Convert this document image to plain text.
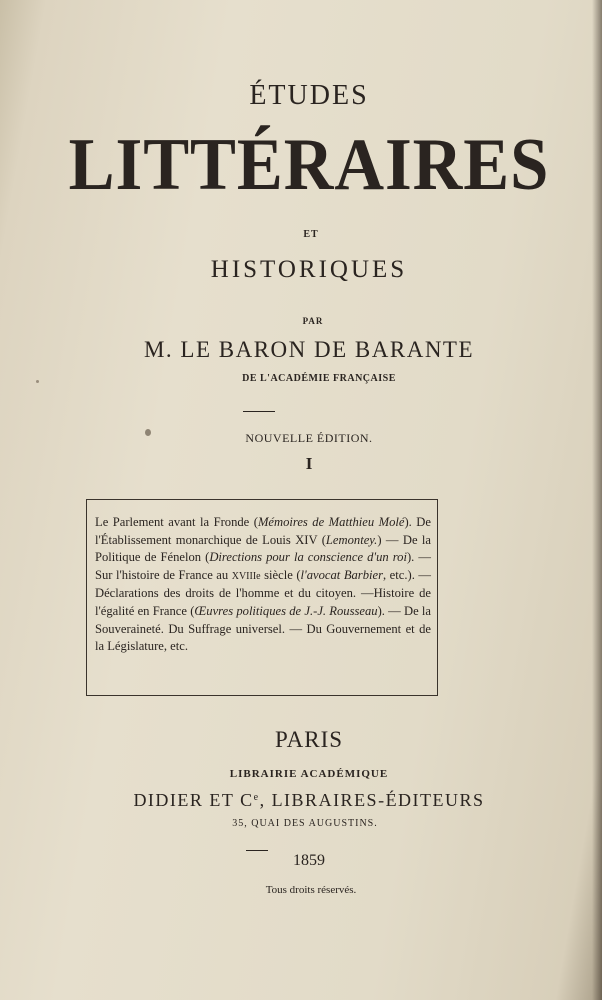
ÉTUDES
LITTÉRAIRES
ET
HISTORIQUES
PAR
M. LE BARON DE BARANTE
DE L'ACADÉMIE FRANÇAISE
NOUVELLE ÉDITION.
I
Le Parlement avant la Fronde (Mémoires de Matthieu Molé). De l'Établissement monarchique de Louis XIV (Lemontey.) — De la Politique de Fénelon (Directions pour la conscience d'un roi). — Sur l'histoire de France au XVIIIe siècle (l'avocat Barbier, etc.). —Déclarations des droits de l'homme et du citoyen. —Histoire de l'égalité en France (Œuvres politiques de J.-J. Rousseau). — De la Souveraineté. Du Suffrage universel. — Du Gouvernement et de la Législature, etc.
PARIS
LIBRAIRIE ACADÉMIQUE
DIDIER ET Ce, LIBRAIRES-ÉDITEURS
35, QUAI DES AUGUSTINS.
1859
Tous droits réservés.
